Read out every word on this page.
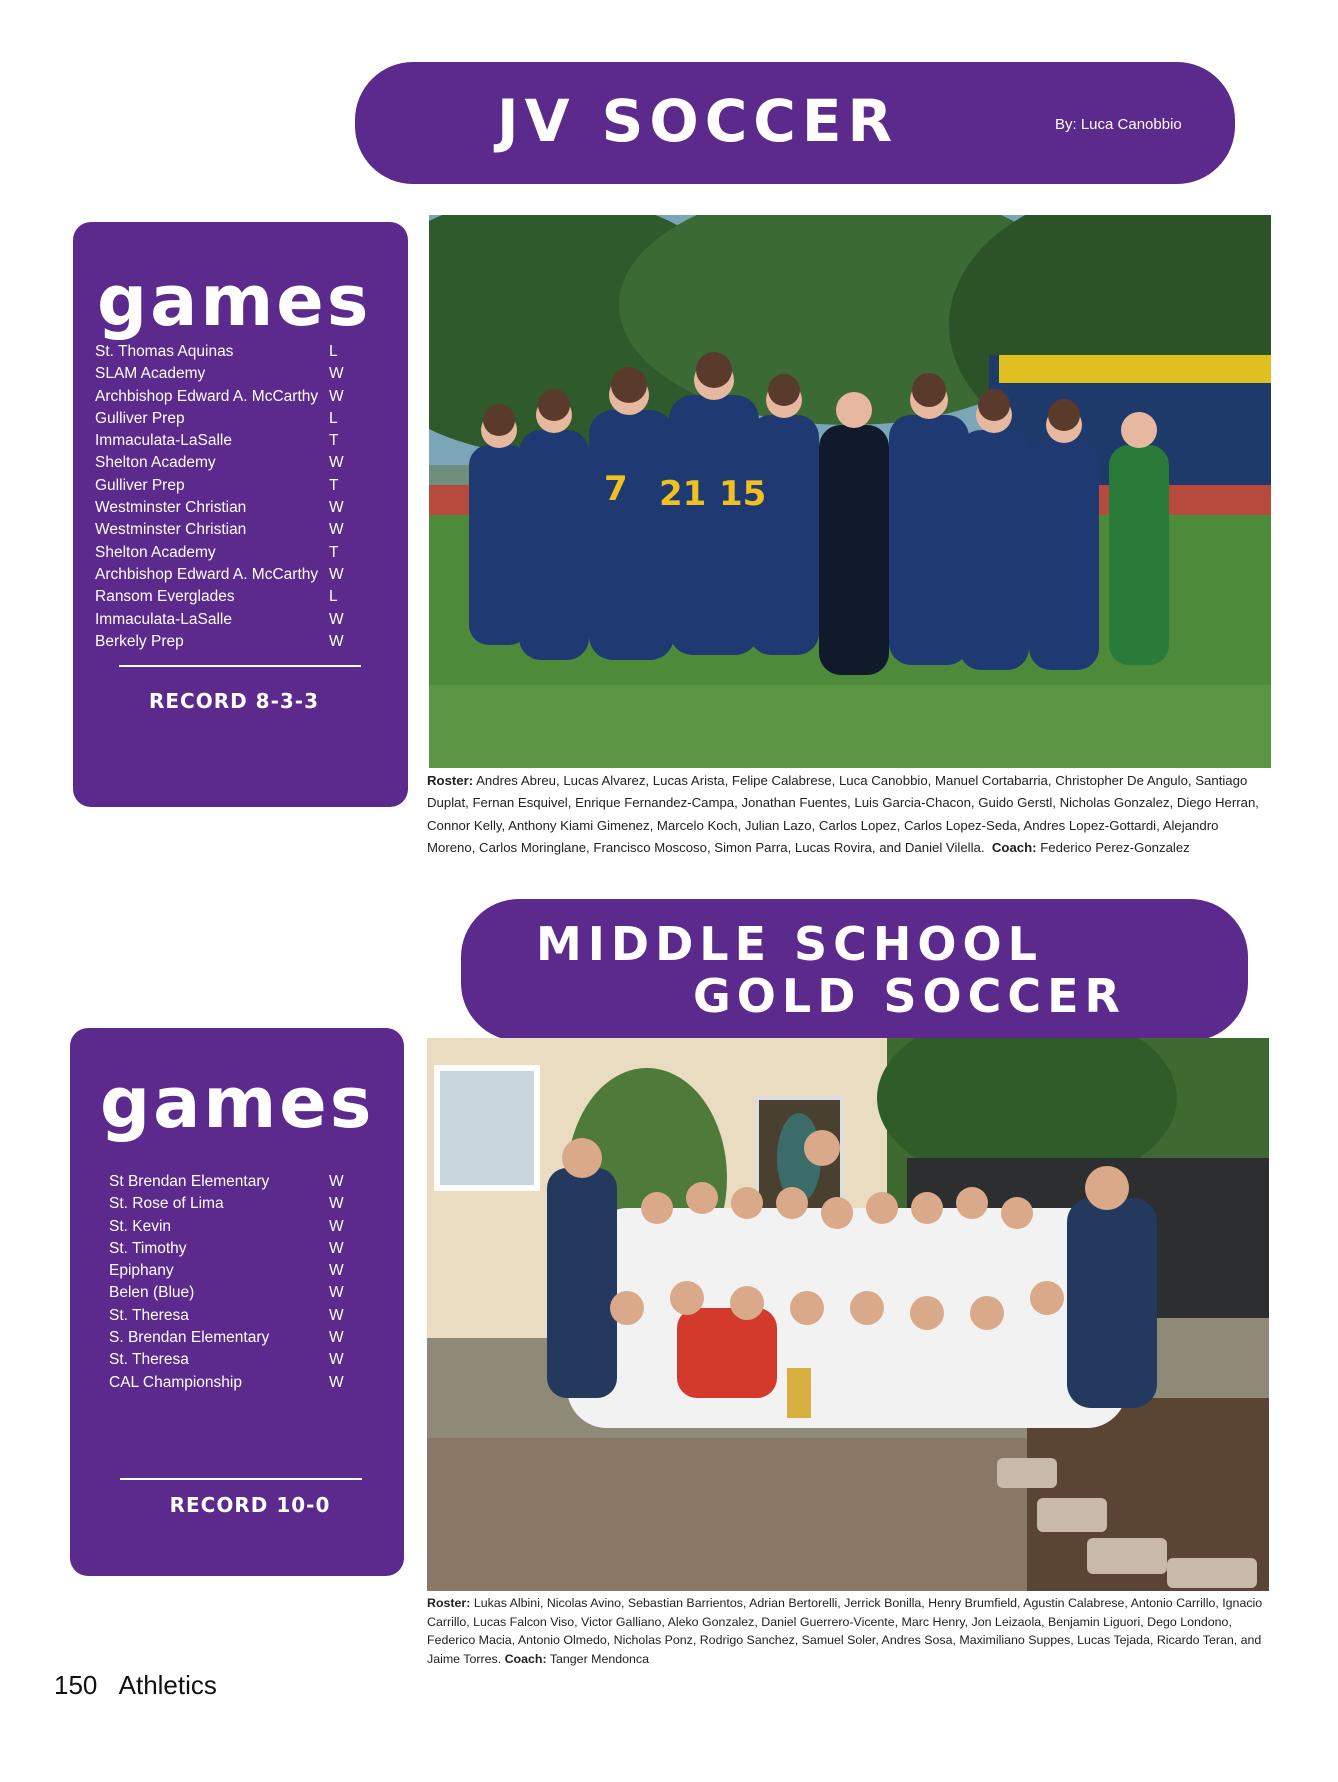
JV SOCCER	By: Luca Canobbio
games
St. Thomas Aquinas	L
SLAM Academy	W
Archbishop Edward A. McCarthy W
Gulliver Prep	L
Immaculata-LaSalle	T
Shelton Academy	W
Gulliver Prep	T
Westminster Christian	W
Westminster Christian	W
Shelton Academy	T
Archbishop Edward A. McCarthy W
Ransom Everglades	L
Immaculata-LaSalle	W
Berkely Prep	W
RECORD 8-3-3
7 21 15
Roster: Andres Abreu, Lucas Alvarez, Lucas Arista, Felipe Calabrese, Luca Canobbio, Manuel Cortabarria, Christopher De Angulo, Santiago Duplat, Fernan Esquivel, Enrique Fernandez-Campa, Jonathan Fuentes, Luis Garcia-Chacon, Guido Gerstl, Nicholas Gonzalez, Diego Herran, Connor Kelly, Anthony Kiami Gimenez, Marcelo Koch, Julian Lazo, Carlos Lopez, Carlos Lopez-Seda, Andres Lopez-Gottardi, Alejandro Moreno, Carlos Moringlane, Francisco Moscoso, Simon Parra, Lucas Rovira, and Daniel Vilella. Coach: Federico Perez-Gonzalez
MIDDLE SCHOOL
GOLD SOCCER
games
St Brendan Elementary	W
St. Rose of Lima	W
St. Kevin	W
St. Timothy	W
Epiphany	W
Belen (Blue)	W
St. Theresa	W
S. Brendan Elementary	W
St. Theresa	W
CAL Championship	W
RECORD 10-0
Roster: Lukas Albini, Nicolas Avino, Sebastian Barrientos, Adrian Bertorelli, Jerrick Bonilla, Henry Brumfield, Agustin Calabrese, Antonio Carrillo, Ignacio Carrillo, Lucas Falcon Viso, Victor Galliano, Aleko Gonzalez, Daniel Guerrero-Vicente, Marc Henry, Jon Leizaola, Benjamin Liguori, Dego Londono, Federico Macia, Antonio Olmedo, Nicholas Ponz, Rodrigo Sanchez, Samuel Soler, Andres Sosa, Maximiliano Suppes, Lucas Tejada, Ricardo Teran, and Jaime Torres. Coach: Tanger Mendonca
150 Athletics
